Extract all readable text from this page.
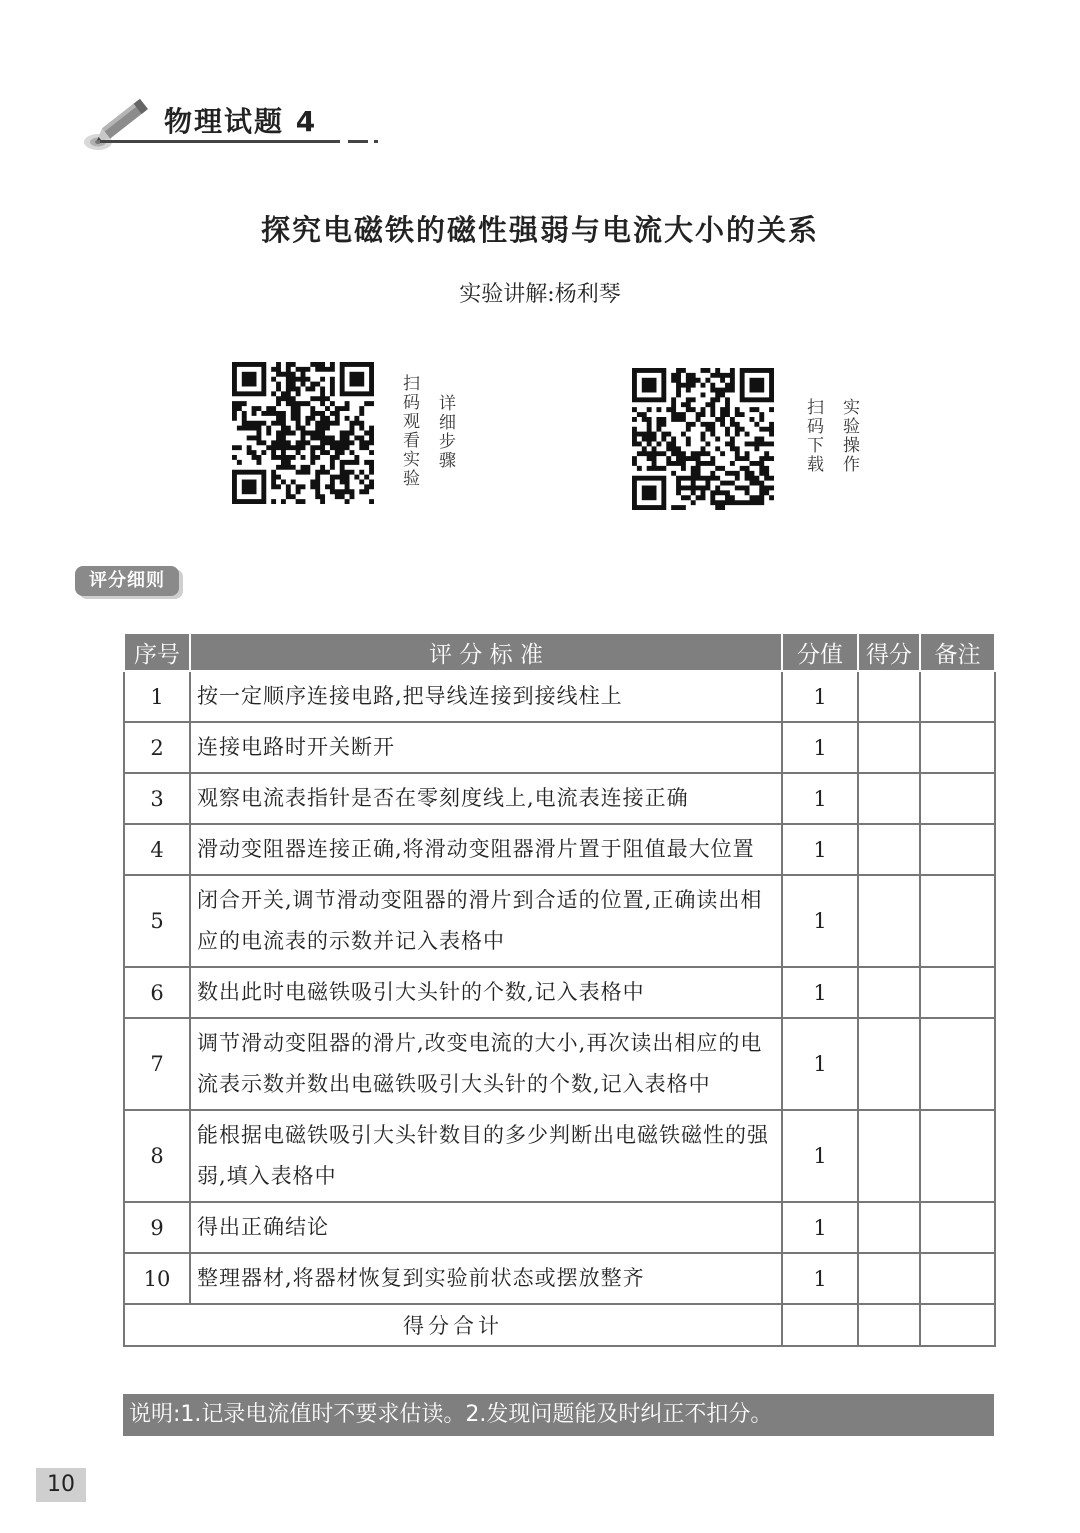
物理试题 4
探究电磁铁的磁性强弱与电流大小的关系
实验讲解:杨利琴
扫码观看实验 详细步骤	扫码下载 实验操作
评分细则
序号	评 分 标 准	分值	得分	备注
1	按一定顺序连接电路,把导线连接到接线柱上	1		
2	连接电路时开关断开	1		
3	观察电流表指针是否在零刻度线上,电流表连接正确	1		
4	滑动变阻器连接正确,将滑动变阻器滑片置于阻值最大位置	1		
5	闭合开关,调节滑动变阻器的滑片到合适的位置,正确读出相应的电流表的示数并记入表格中	1		
6	数出此时电磁铁吸引大头针的个数,记入表格中	1		
7	调节滑动变阻器的滑片,改变电流的大小,再次读出相应的电流表示数并数出电磁铁吸引大头针的个数,记入表格中	1		
8	能根据电磁铁吸引大头针数目的多少判断出电磁铁磁性的强弱,填入表格中	1		
9	得出正确结论	1		
10	整理器材,将器材恢复到实验前状态或摆放整齐	1		
得分合计				
说明:1.记录电流值时不要求估读。2.发现问题能及时纠正不扣分。
10
